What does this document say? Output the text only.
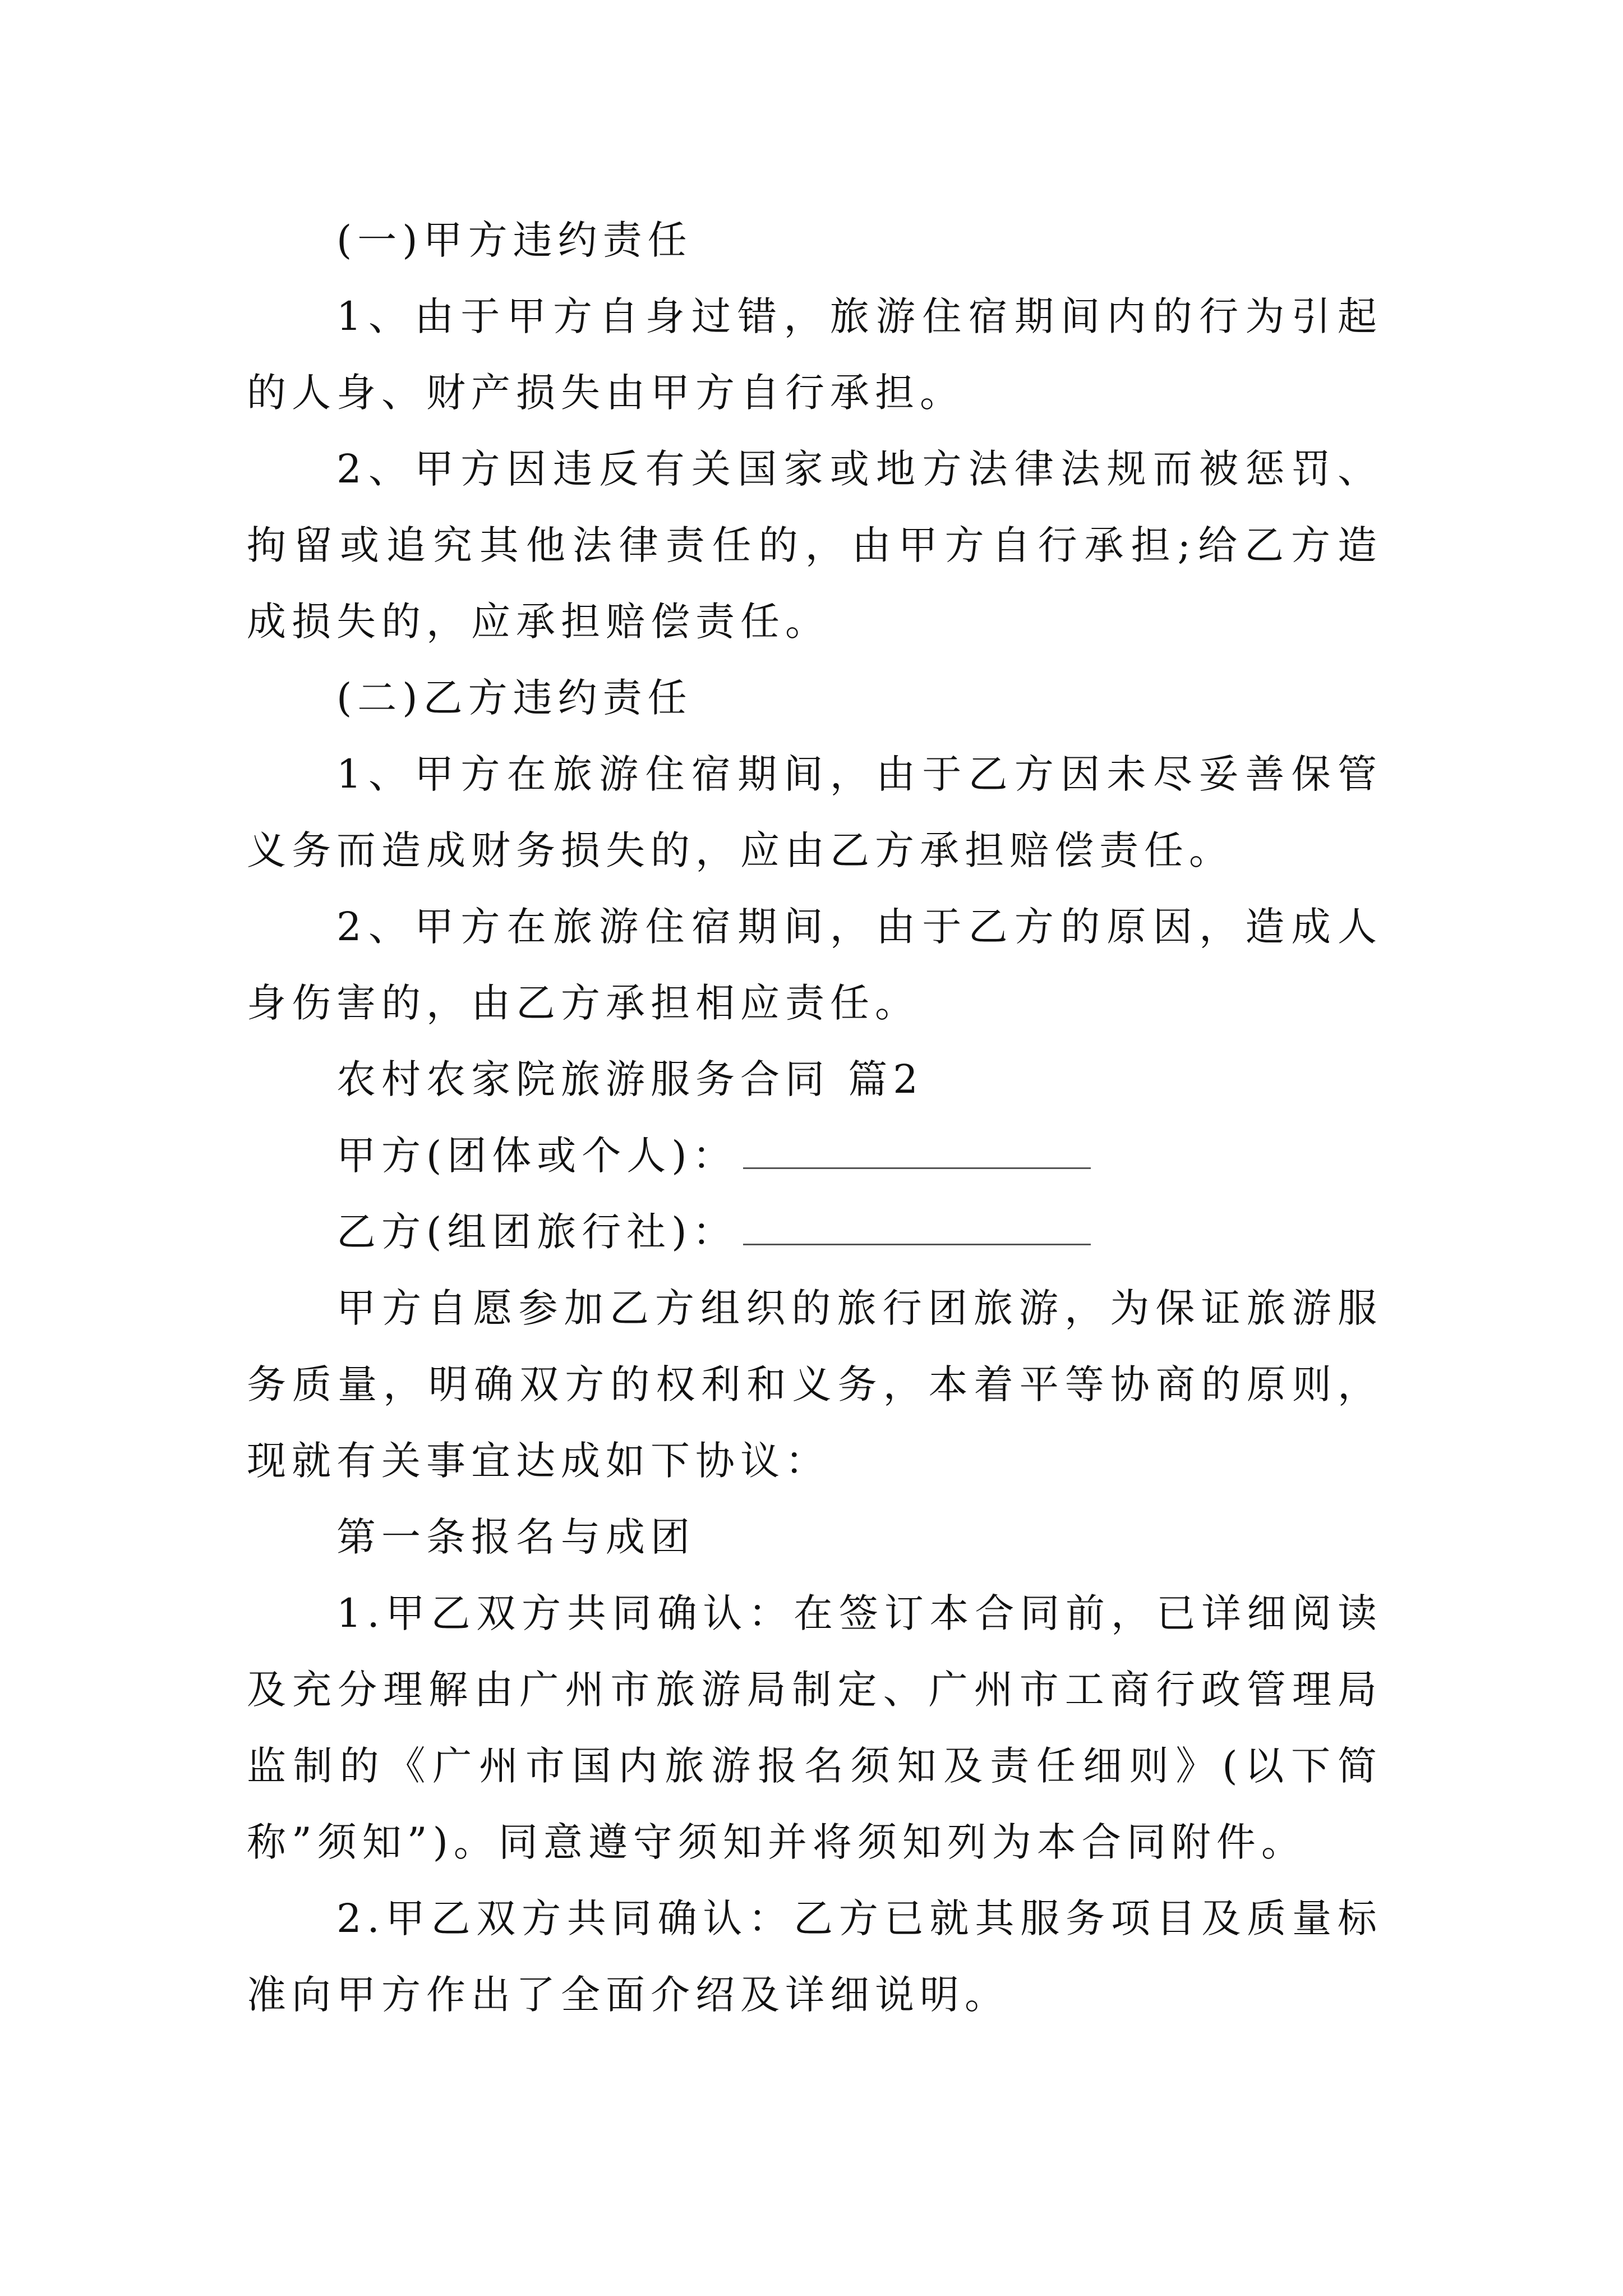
(一)甲方违约责任

1、由于甲方自身过错，旅游住宿期间内的行为引起的人身、财产损失由甲方自行承担。

2、甲方因违反有关国家或地方法律法规而被惩罚、拘留或追究其他法律责任的，由甲方自行承担;给乙方造成损失的，应承担赔偿责任。

(二)乙方违约责任

1、甲方在旅游住宿期间，由于乙方因未尽妥善保管义务而造成财务损失的，应由乙方承担赔偿责任。

2、甲方在旅游住宿期间，由于乙方的原因，造成人身伤害的，由乙方承担相应责任。

农村农家院旅游服务合同 篇2

甲方(团体或个人)：

乙方(组团旅行社)：

甲方自愿参加乙方组织的旅行团旅游，为保证旅游服务质量，明确双方的权利和义务，本着平等协商的原则，现就有关事宜达成如下协议：

第一条报名与成团

1.甲乙双方共同确认：在签订本合同前，已详细阅读及充分理解由广州市旅游局制定、广州市工商行政管理局监制的《广州市国内旅游报名须知及责任细则》(以下简称”须知”)。同意遵守须知并将须知列为本合同附件。

2.甲乙双方共同确认：乙方已就其服务项目及质量标准向甲方作出了全面介绍及详细说明。
